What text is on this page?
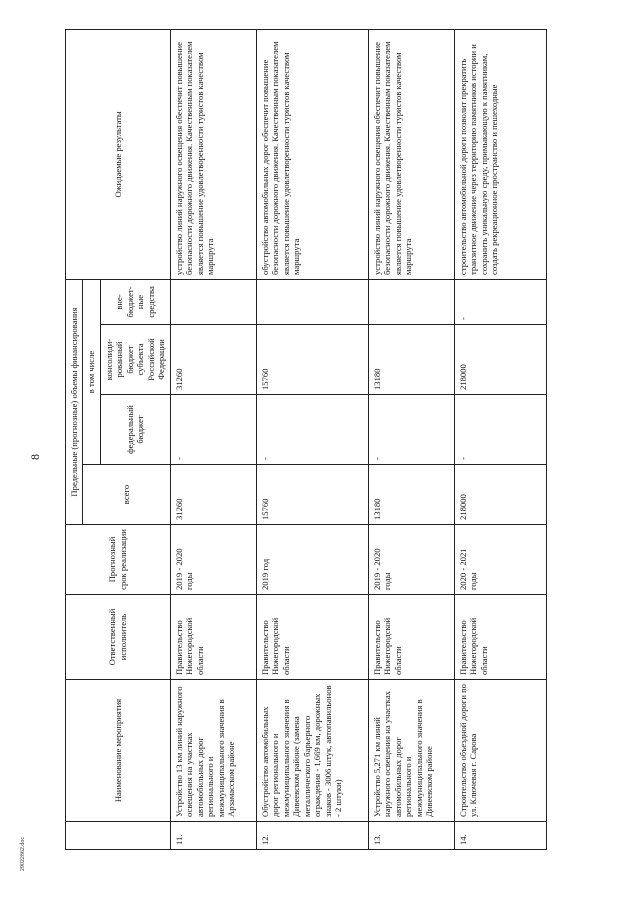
8
	Наименование мероприятия	Ответственный исполнитель	Прогнозный срок реализации	Предельные (прогнозные) объемы финансирования				Ожидаемые результаты
				всего	в том числе			
					федеральный бюджет	консолиди-рованный бюджет субъекта Российской Федерации	вне-бюджет-ные средства	
11.	Устройство 13 км линий наружного освещения на участках автомобильных дорог регионального и межмуниципального значения в Арзамасском районе	Правительство Нижегородской области	2019 - 2020 годы	31260	-	31260		устройство линий наружного освещения обеспечит повышение безопасности дорожного движения. Качественным показателем является повышение удовлетворенности туристов качеством маршрута
12.	Обустройство автомобильных дорог регионального и межмуниципального значения в Дивеевском районе (замена металлического барьерного ограждения - 1,669 км, дорожных знаков - 3006 штук, автопавильонов - 2 штуки)	Правительство Нижегородской области	2019 год	15760	-	15760		обустройство автомобильных дорог обеспечит повышение безопасности дорожного движения. Качественным показателем является повышение удовлетворенности туристов качеством маршрута
13.	Устройство 5,271 км линий наружного освещения на участках автомобильных дорог регионального и межмуниципального значения в Дивеевском районе	Правительство Нижегородской области	2019 - 2020 годы	13180	-	13180		устройство линий наружного освещения обеспечит повышение безопасности дорожного движения. Качественным показателем является повышение удовлетворенности туристов качеством маршрута
14.	Строительство объездной дороги по ул. Ключевая г. Сарова	Правительство Нижегородской области	2020 - 2021 годы	218000	-	218000	-	строительство автомобильной дороги позволит прекратить транзитное движение через территорию памятников истории и сохранить уникальную среду, примыкающую к памятникам, создать рекреационное пространство и пешеходные
29022862.doc
